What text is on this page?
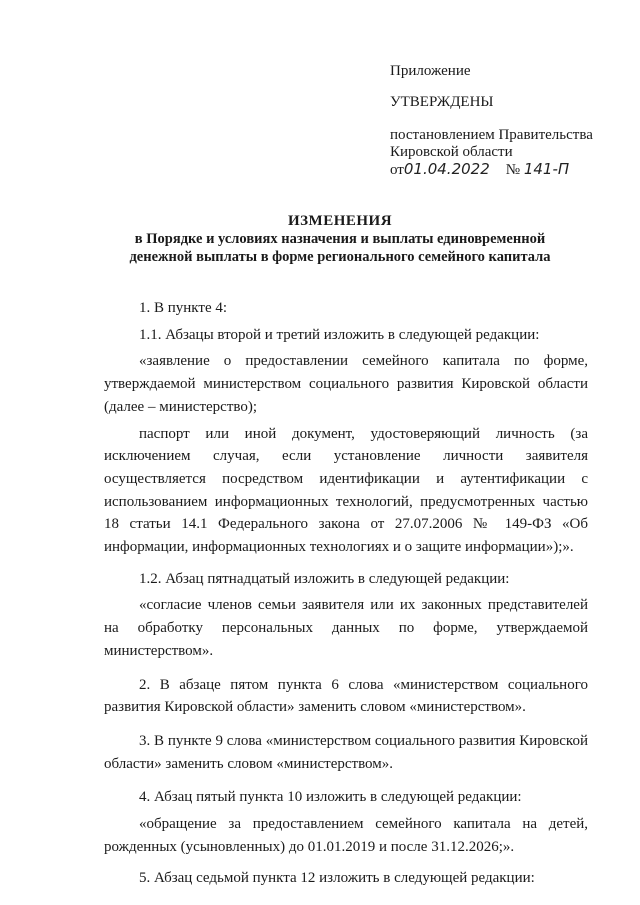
Приложение
УТВЕРЖДЕНЫ
постановлением Правительства
Кировской области
от01.04.2022 № 141-П
ИЗМЕНЕНИЯ
в Порядке и условиях назначения и выплаты единовременной
денежной выплаты в форме регионального семейного капитала

1. В пункте 4:

1.1. Абзацы второй и третий изложить в следующей редакции:

«заявление о предоставлении семейного капитала по форме, утверждаемой министерством социального развития Кировской области (далее – министерство);

паспорт или иной документ, удостоверяющий личность (за исключением случая, если установление личности заявителя осуществляется посредством идентификации и аутентификации с использованием информационных технологий, предусмотренных частью 18 статьи 14.1 Федерального закона от 27.07.2006 № 149-ФЗ «Об информации, информационных технологиях и о защите информации»);».

1.2. Абзац пятнадцатый изложить в следующей редакции:

«согласие членов семьи заявителя или их законных представителей на обработку персональных данных по форме, утверждаемой министерством».

2. В абзаце пятом пункта 6 слова «министерством социального развития Кировской области» заменить словом «министерством».

3. В пункте 9 слова «министерством социального развития Кировской области» заменить словом «министерством».

4. Абзац пятый пункта 10 изложить в следующей редакции:

«обращение за предоставлением семейного капитала на детей, рожденных (усыновленных) до 01.01.2019 и после 31.12.2026;».

5. Абзац седьмой пункта 12 изложить в следующей редакции:
